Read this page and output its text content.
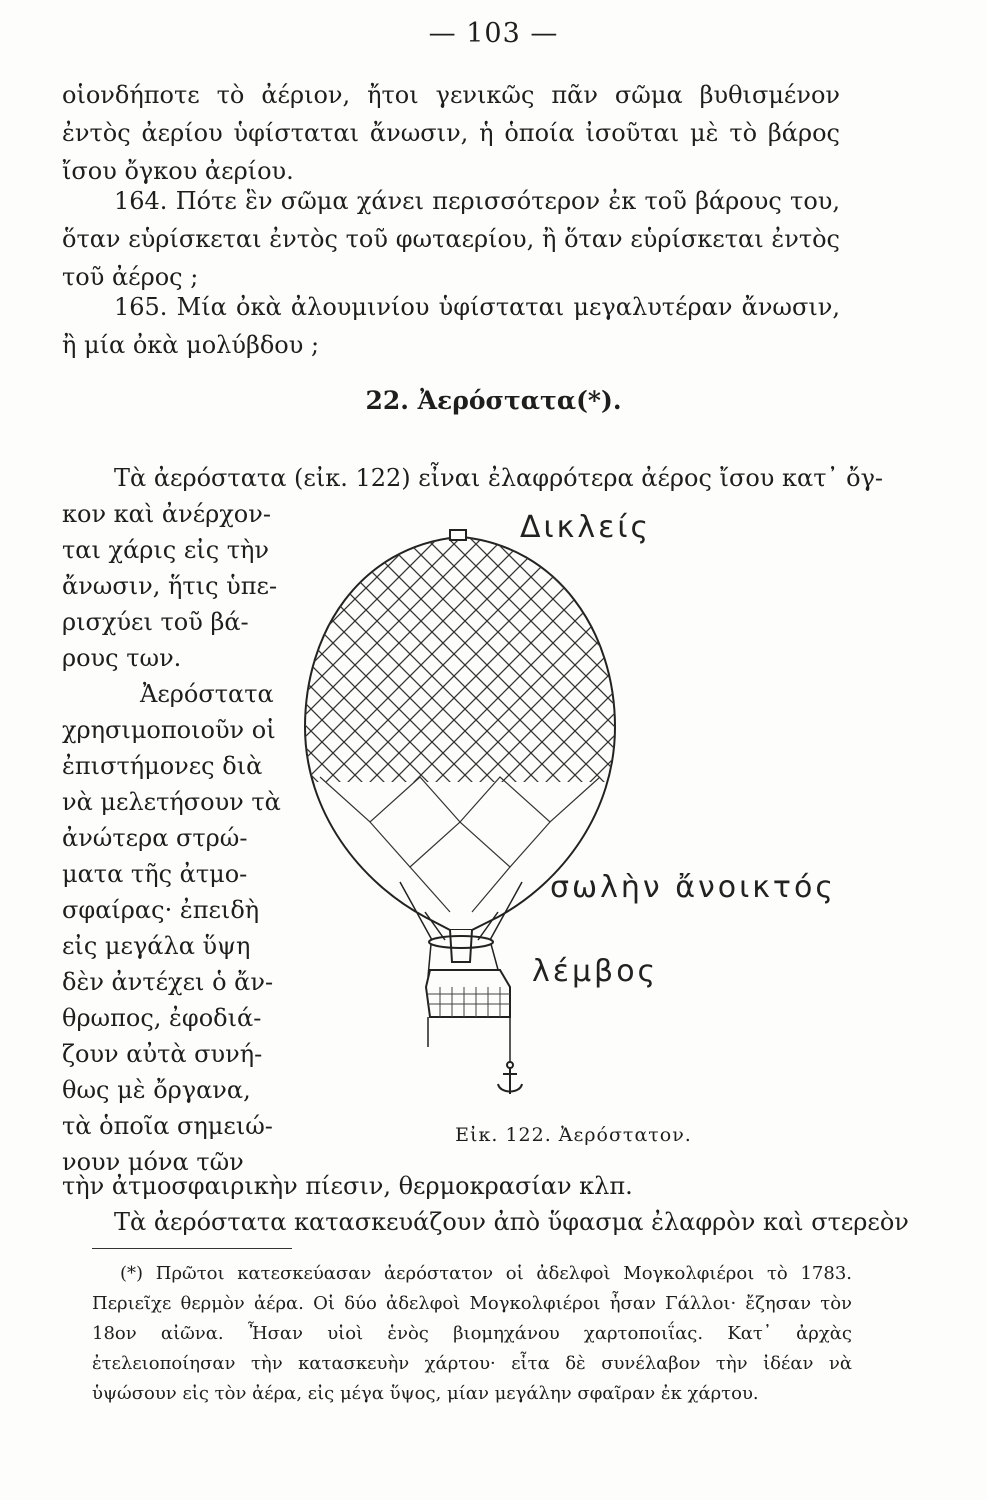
— 103 —

οἱονδήποτε τὸ ἀέριον, ἤτοι γενικῶς πᾶν σῶμα βυθισμένον ἐντὸς ἀερίου ὑφίσταται ἄνωσιν, ἡ ὁποία ἰσοῦται μὲ τὸ βάρος ἴσου ὄγκου ἀερίου.

164. Πότε ἓν σῶμα χάνει περισσότερον ἐκ τοῦ βάρους του, ὅταν εὑρίσκεται ἐντὸς τοῦ φωταερίου, ἢ ὅταν εὑρίσκεται ἐντὸς τοῦ ἀέρος ;

165. Μία ὀκὰ ἀλουμινίου ὑφίσταται μεγαλυτέραν ἄνωσιν, ἢ μία ὀκὰ μολύβδου ;

22. Ἀερόστατα(*).
Τὰ ἀερόστατα (εἰκ. 122) εἶναι ἐλαφρότερα ἀέρος ἴσου κατ᾽ ὄγ-
κον καὶ ἀνέρχον-
ται χάρις εἰς τὴν
ἄνωσιν, ἥτις ὑπε-
ρισχύει τοῦ βά-
ρους των.
Ἀερόστατα
χρησιμοποιοῦν οἱ
ἐπιστήμονες διὰ
νὰ μελετήσουν τὰ
ἀνώτερα στρώ-
ματα τῆς ἀτμο-
σφαίρας· ἐπειδὴ
εἰς μεγάλα ὕψη
δὲν ἀντέχει ὁ ἄν-
θρωπος, ἐφοδιά-
ζουν αὐτὰ συνή-
θως μὲ ὄργανα,
τὰ ὁποῖα σημειώ-
νουν μόνα τῶν
Δικλείς
σωλὴν ἄνοικτός
λέμβος
Εἰκ. 122. Ἀερόστατον.
τὴν ἀτμοσφαιρικὴν πίεσιν, θερμοκρασίαν κλπ.
Τὰ ἀερόστατα κατασκευάζουν ἀπὸ ὕφασμα ἐλαφρὸν καὶ στερεὸν

(*) Πρῶτοι κατεσκεύασαν ἀερόστατον οἱ ἀδελφοὶ Μογκολφιέροι τὸ 1783. Περιεῖχε θερμὸν ἀέρα. Οἱ δύο ἀδελφοὶ Μογκολφιέροι ἦσαν Γάλλοι· ἔζησαν τὸν 18ον αἰῶνα. Ἦσαν υἱοὶ ἑνὸς βιομηχάνου χαρτοποιΐας. Κατ᾽ ἀρχὰς ἐτελειοποίησαν τὴν κατασκευὴν χάρτου· εἶτα δὲ συνέλαβον τὴν ἰδέαν νὰ ὑψώσουν εἰς τὸν ἀέρα, εἰς μέγα ὕψος, μίαν μεγάλην σφαῖραν ἐκ χάρτου.
